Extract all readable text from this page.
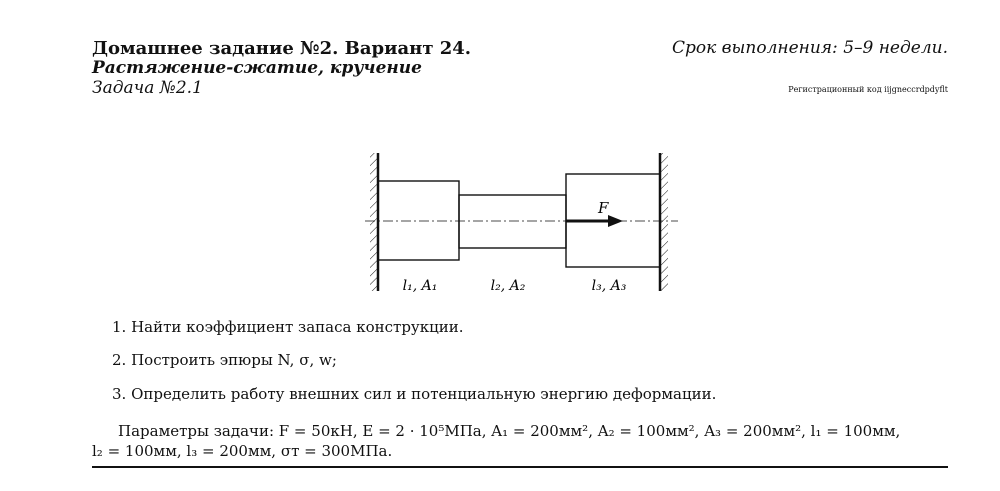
Домашнее задание №2. Вариант 24.
Растяжение-сжатие, кручение
Задача №2.1
Срок выполнения: 5–9 недели.
Регистрационный код iijgneccrdpdyflt
F
l₁, A₁	l₂, A₂	l₃, A₃
1. Найти коэффициент запаса конструкции.
2. Построить эпюры N, σ, w;
3. Определить работу внешних сил и потенциальную энергию деформации.
Параметры задачи: F = 50кН, E = 2 · 10⁵МПа, A₁ = 200мм², A₂ = 100мм², A₃ = 200мм², l₁ = 100мм,
l₂ = 100мм, l₃ = 200мм, σт = 300МПа.
